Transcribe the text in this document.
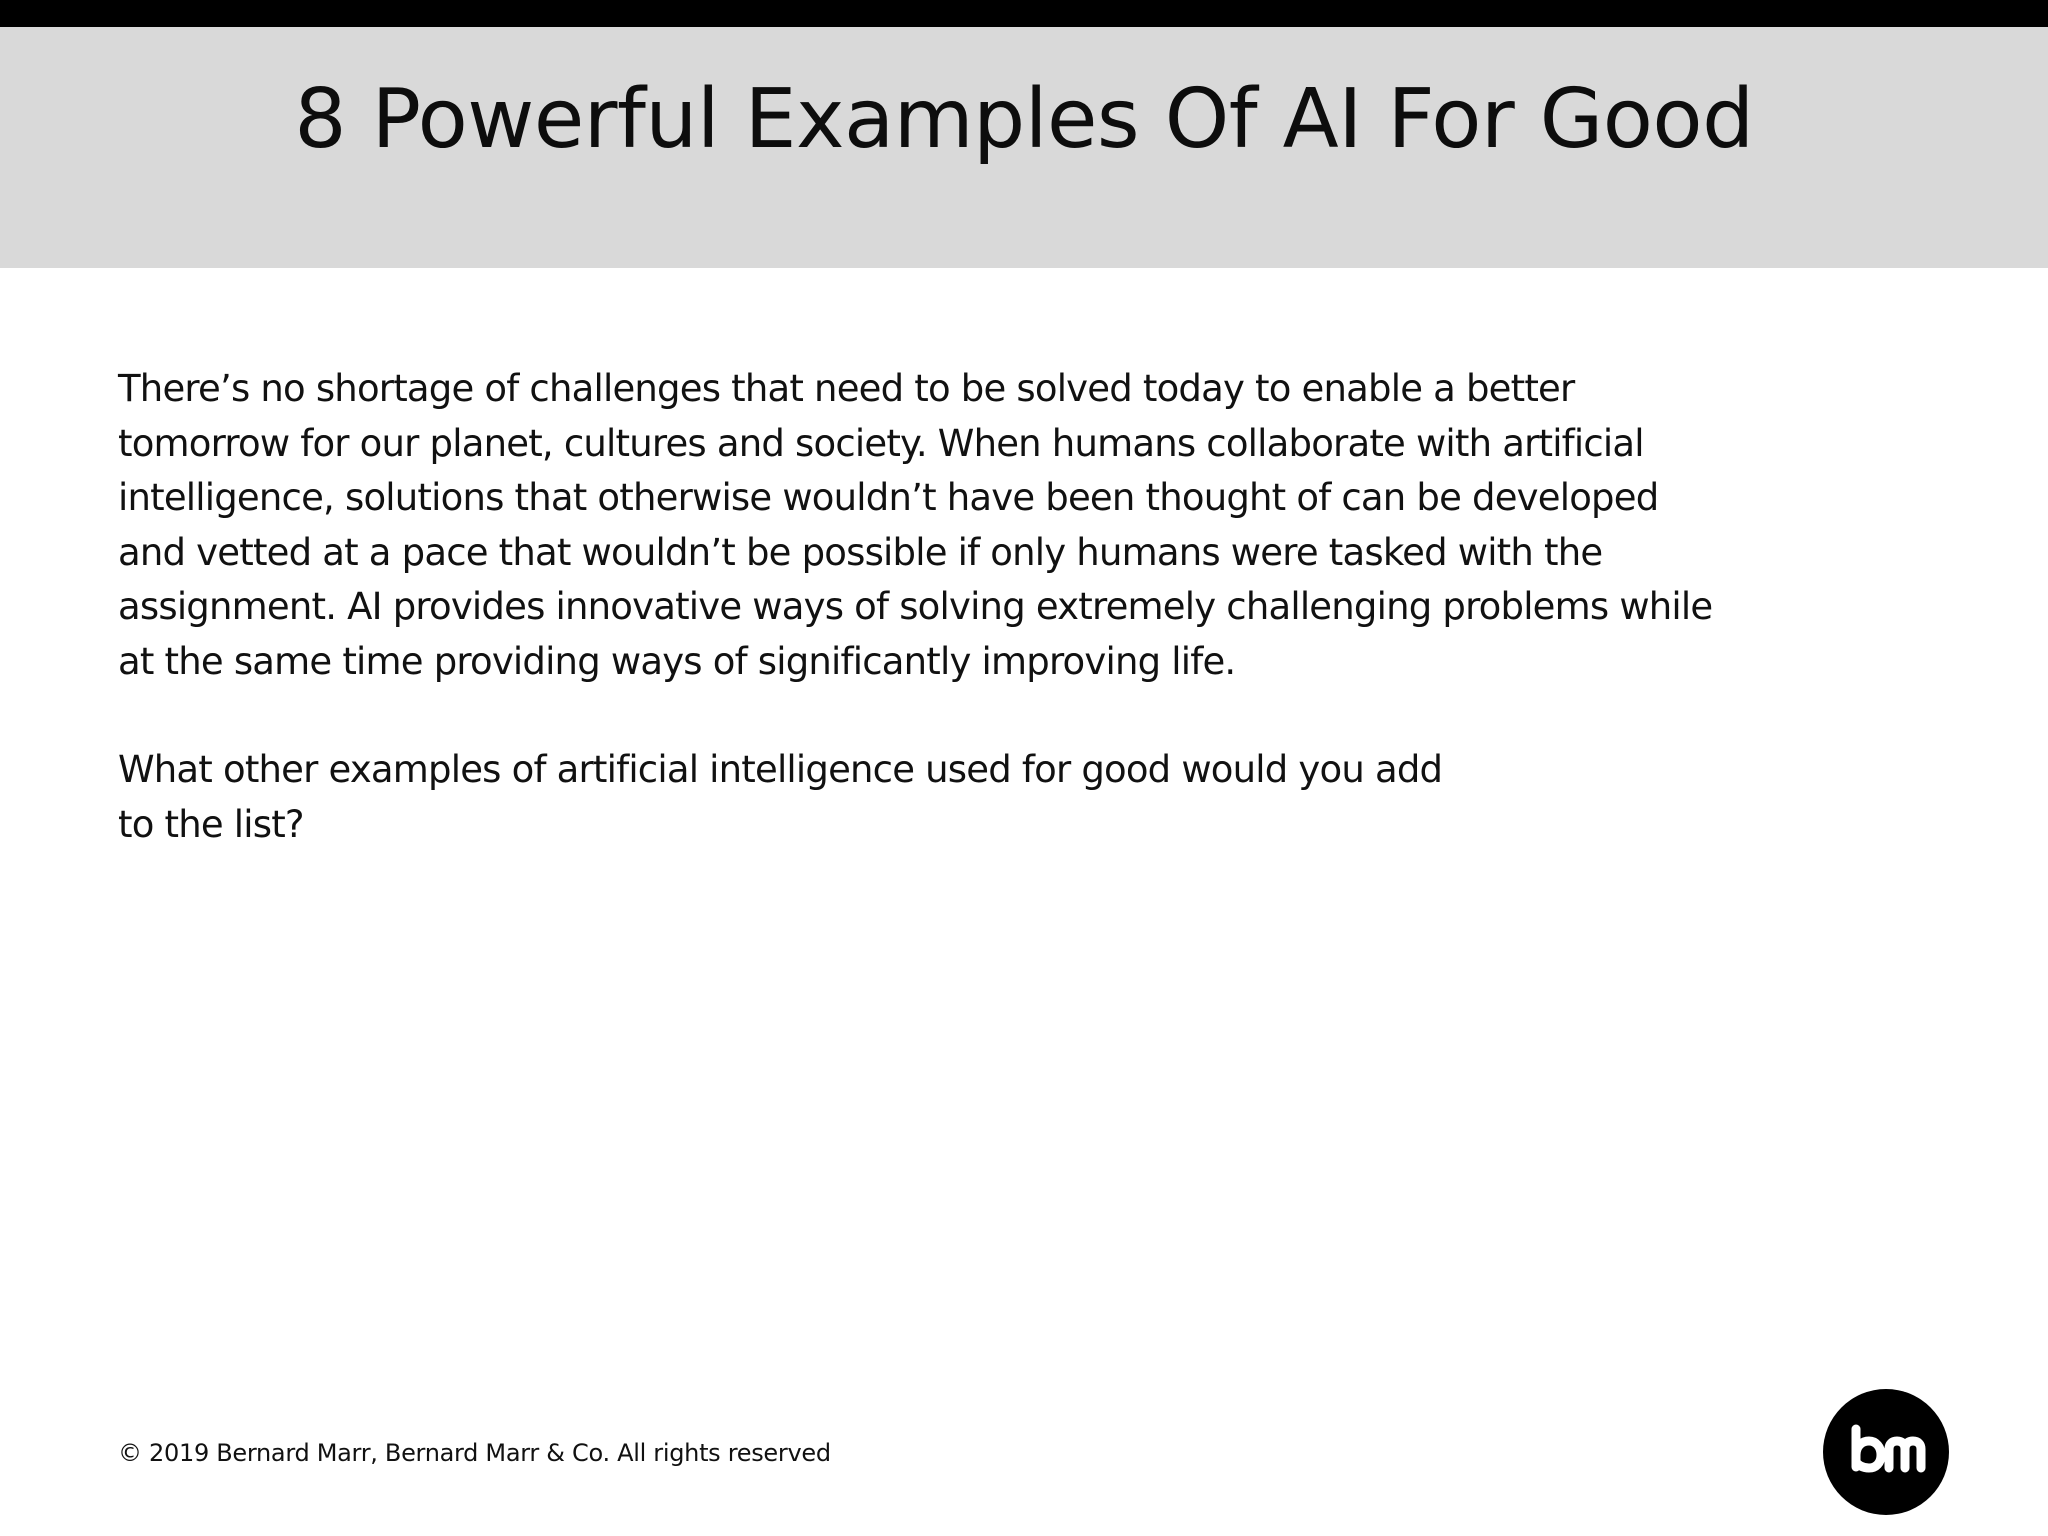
8 Powerful Examples Of AI For Good

There’s no shortage of challenges that need to be solved today to enable a better
tomorrow for our planet, cultures and society. When humans collaborate with artificial
intelligence, solutions that otherwise wouldn’t have been thought of can be developed
and vetted at a pace that wouldn’t be possible if only humans were tasked with the
assignment. AI provides innovative ways of solving extremely challenging problems while
at the same time providing ways of significantly improving life.

What other examples of artificial intelligence used for good would you add
to the list?

© 2019 Bernard Marr, Bernard Marr & Co. All rights reserved
